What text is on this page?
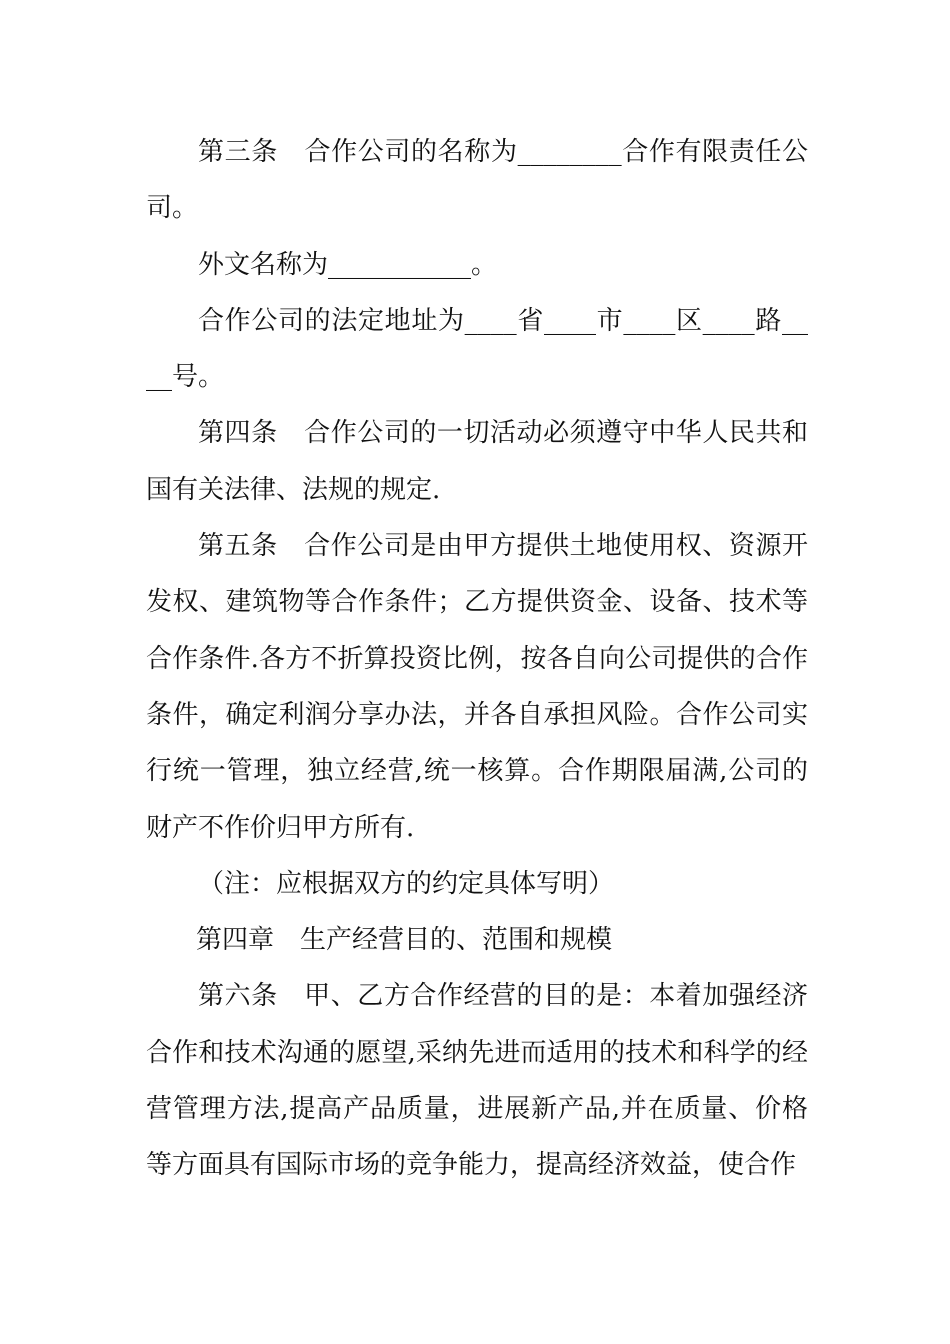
第三条　合作公司的名称为________合作有限责任公司。

外文名称为___________。

合作公司的法定地址为____省____市____区____路____号。

第四条　合作公司的一切活动必须遵守中华人民共和国有关法律、法规的规定.

第五条　合作公司是由甲方提供土地使用权、资源开发权、建筑物等合作条件；乙方提供资金、设备、技术等合作条件.各方不折算投资比例，按各自向公司提供的合作条件，确定利润分享办法，并各自承担风险。合作公司实行统一管理，独立经营,统一核算。合作期限届满,公司的财产不作价归甲方所有.

（注：应根据双方的约定具体写明）

第四章　生产经营目的、范围和规模

第六条　甲、乙方合作经营的目的是：本着加强经济合作和技术沟通的愿望,采纳先进而适用的技术和科学的经营管理方法,提高产品质量，进展新产品,并在质量、价格等方面具有国际市场的竞争能力，提高经济效益，使合作
